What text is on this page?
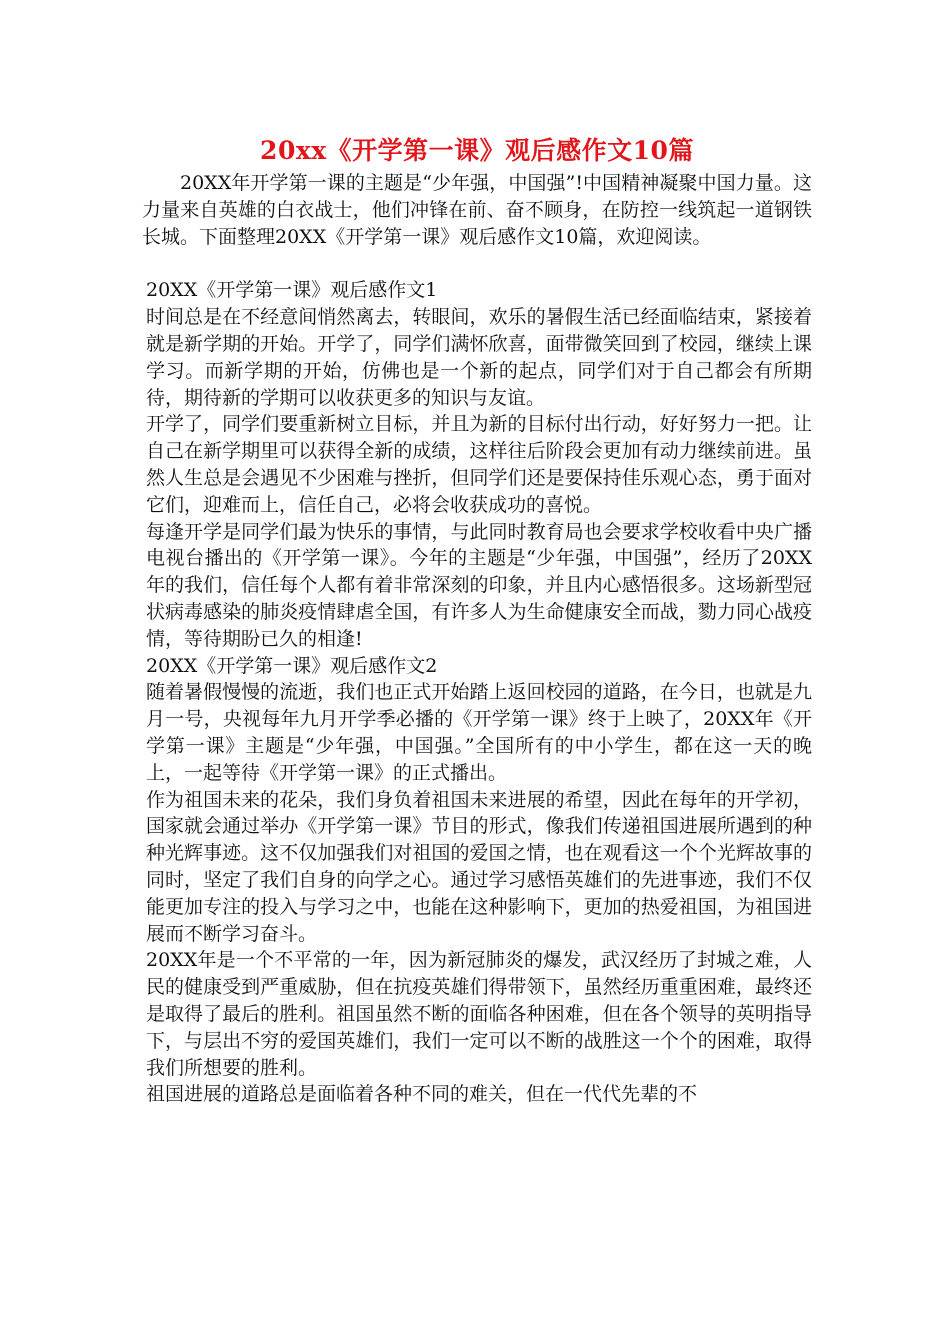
20xx《开学第一课》观后感作文10篇

20XX年开学第一课的主题是“少年强，中国强”!中国精神凝聚中国力量。这力量来自英雄的白衣战士，他们冲锋在前、奋不顾身，在防控一线筑起一道钢铁长城。下面整理20XX《开学第一课》观后感作文10篇，欢迎阅读。

20XX《开学第一课》观后感作文1

时间总是在不经意间悄然离去，转眼间，欢乐的暑假生活已经面临结束，紧接着就是新学期的开始。开学了，同学们满怀欣喜，面带微笑回到了校园，继续上课学习。而新学期的开始，仿佛也是一个新的起点，同学们对于自己都会有所期待，期待新的学期可以收获更多的知识与友谊。

开学了，同学们要重新树立目标，并且为新的目标付出行动，好好努力一把。让自己在新学期里可以获得全新的成绩，这样往后阶段会更加有动力继续前进。虽然人生总是会遇见不少困难与挫折，但同学们还是要保持佳乐观心态，勇于面对它们，迎难而上，信任自己，必将会收获成功的喜悦。

每逢开学是同学们最为快乐的事情，与此同时教育局也会要求学校收看中央广播电视台播出的《开学第一课》。今年的主题是“少年强，中国强”，经历了20XX年的我们，信任每个人都有着非常深刻的印象，并且内心感悟很多。这场新型冠状病毒感染的肺炎疫情肆虐全国，有许多人为生命健康安全而战，勠力同心战疫情，等待期盼已久的相逢!

20XX《开学第一课》观后感作文2

随着暑假慢慢的流逝，我们也正式开始踏上返回校园的道路，在今日，也就是九月一号，央视每年九月开学季必播的《开学第一课》终于上映了，20XX年《开学第一课》主题是“少年强，中国强。”全国所有的中小学生，都在这一天的晚上，一起等待《开学第一课》的正式播出。

作为祖国未来的花朵，我们身负着祖国未来进展的希望，因此在每年的开学初，国家就会通过举办《开学第一课》节目的形式，像我们传递祖国进展所遇到的种种光辉事迹。这不仅加强我们对祖国的爱国之情，也在观看这一个个光辉故事的同时，坚定了我们自身的向学之心。通过学习感悟英雄们的先进事迹，我们不仅能更加专注的投入与学习之中，也能在这种影响下，更加的热爱祖国，为祖国进展而不断学习奋斗。

20XX年是一个不平常的一年，因为新冠肺炎的爆发，武汉经历了封城之难，人民的健康受到严重威胁，但在抗疫英雄们得带领下，虽然经历重重困难，最终还是取得了最后的胜利。祖国虽然不断的面临各种困难，但在各个领导的英明指导下，与层出不穷的爱国英雄们，我们一定可以不断的战胜这一个个的困难，取得我们所想要的胜利。

祖国进展的道路总是面临着各种不同的难关，但在一代代先辈的不
